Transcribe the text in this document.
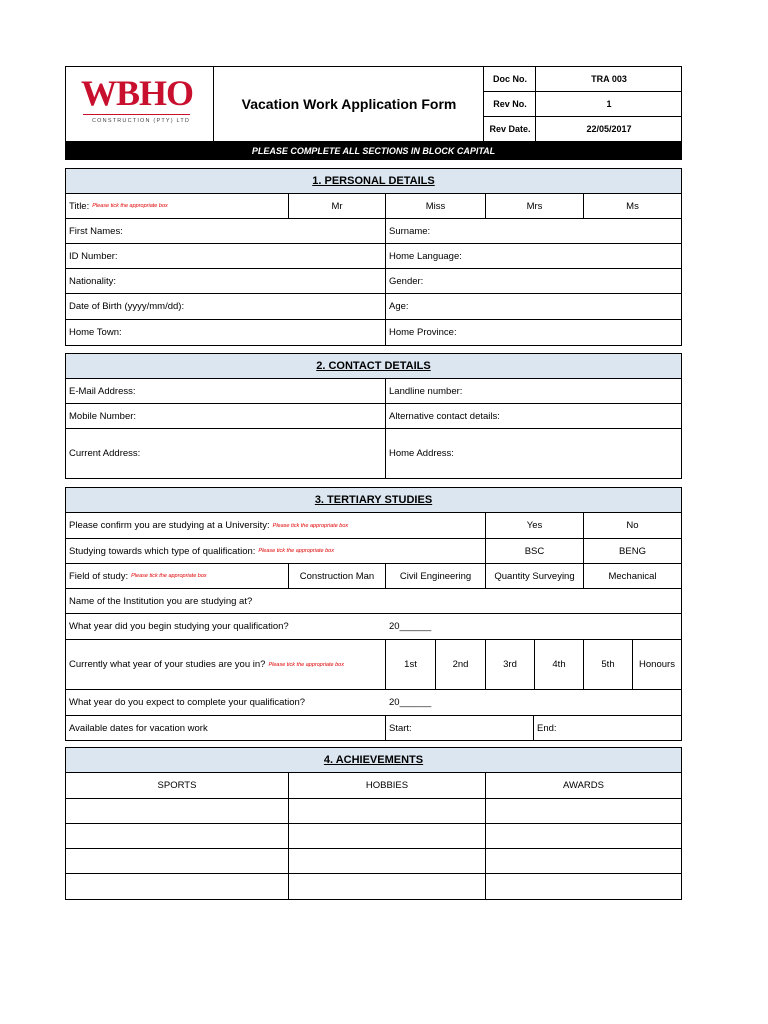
WBHO
CONSTRUCTION (PTY) LTD
Vacation Work Application Form
Doc No.	TRA 003
Rev No.	1
Rev Date.	22/05/2017
PLEASE COMPLETE ALL SECTIONS IN BLOCK CAPITAL
1. PERSONAL DETAILS
Title: Please tick the appropriate box	Mr	Miss	Mrs	Ms
First Names:	Surname:
ID Number:	Home Language:
Nationality:	Gender:
Date of Birth (yyyy/mm/dd):	Age:
Home Town:	Home Province:
2. CONTACT DETAILS
E-Mail Address:	Landline number:
Mobile Number:	Alternative contact details:
Current Address:	Home Address:
3. TERTIARY STUDIES
Please confirm you are studying at a University: Please tick the appropriate box	Yes	No
Studying towards which type of qualification: Please tick the appropriate box	BSC	BENG
Field of study: Please tick the appropriate box	Construction Man	Civil Engineering	Quantity Surveying	Mechanical
Name of the Institution you are studying at?
What year did you begin studying your qualification?	20______
Currently what year of your studies are you in? Please tick the appropriate box	1st	2nd	3rd	4th	5th	Honours
What year do you expect to complete your qualification?	20______
Available dates for vacation work	Start:	End:
4. ACHIEVEMENTS
SPORTS	HOBBIES	AWARDS
